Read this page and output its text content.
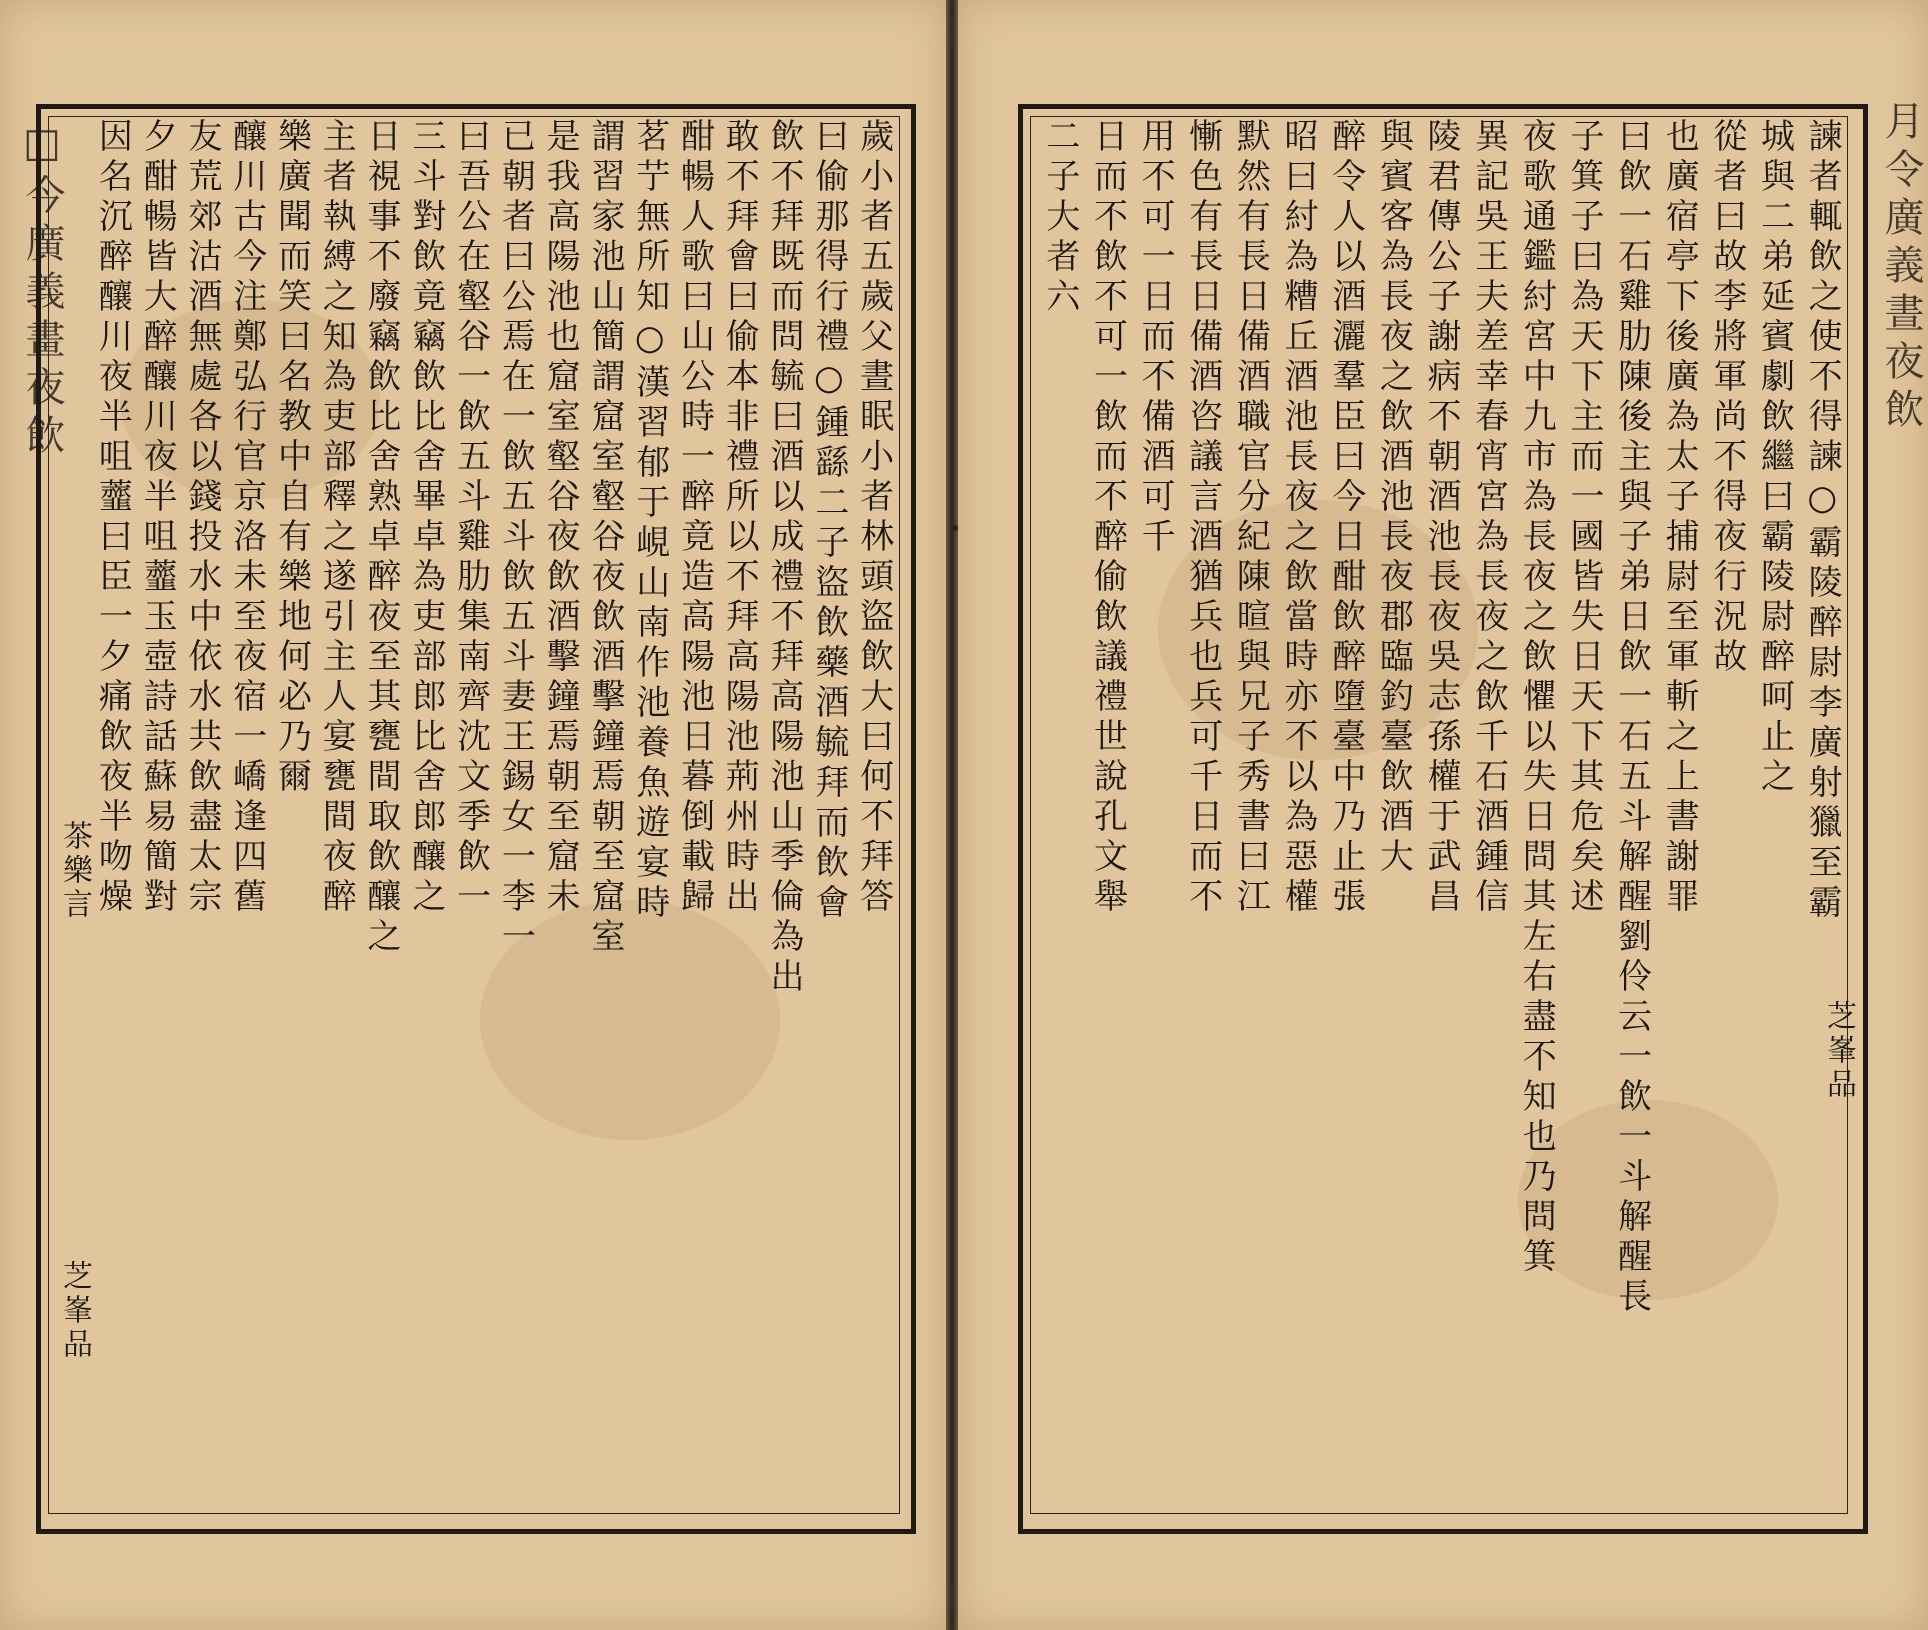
□今廣義畫夜飲
茶樂言
芝峯品
歲小者五歲父晝眠小者林頭盜飲大曰何不拜答
曰偷那得行禮○鍾繇二子盜飲藥酒毓拜而飲會
飲不拜既而問毓曰酒以成禮不拜高陽池山季倫為出
敢不拜會曰偷本非禮所以不拜高陽池荊州時出
酣暢人歌曰山公時一醉竟造高陽池日暮倒載歸
茗艼無所知○漢習郁于峴山南作池養魚遊宴時
謂習家池山簡謂窟室壑谷夜飲酒擊鐘焉朝至窟室
是我高陽池也窟室壑谷夜飲酒擊鐘焉朝至窟未
已朝者曰公焉在一飲五斗飲五斗妻王錫女一李一
曰吾公在壑谷一飲五斗雞肋集南齊沈文季飲一
三斗對飲竟竊飲比舍畢卓為吏部郎比舍郎釀之
日視事不廢竊飲比舍熟卓醉夜至其甕間取飲釀之
主者執縛之知為吏部釋之遂引主人宴甕間夜醉
樂廣聞而笑曰名教中自有樂地何必乃爾
釀川古今注鄭弘行官京洛未至夜宿一嶠逢四舊
友荒郊沽酒無處各以錢投水中依水共飲盡太宗
夕酣暢皆大醉釀川夜半咀虀玉壺詩話蘇易簡對
因名沉醉釀川夜半咀虀曰臣一夕痛飲夜半吻燥	月令廣義晝夜飲
芝峯品
諫者輒飲之使不得諫○霸陵醉尉李廣射獵至霸
城與二弟延賓劇飲繼曰霸陵尉醉呵止之
從者曰故李將軍尚不得夜行況故
也廣宿亭下後廣為太子捕尉至軍斬之上書謝罪
曰飲一石雞肋陳後主與子弟日飲一石五斗解醒劉伶云一飲一斗解醒長
子箕子曰為天下主而一國皆失日天下其危矣述
夜歌通鑑紂宮中九市為長夜之飲懼以失日問其左右盡不知也乃問箕
異記吳王夫差幸春宵宮為長夜之飲千石酒鍾信
陵君傳公子謝病不朝酒池長夜吳志孫權于武昌
與賓客為長夜之飲酒池長夜郡臨釣臺飲酒大
醉令人以酒灑羣臣曰今日酣飲醉墮臺中乃止張
昭曰紂為糟丘酒池長夜之飲當時亦不以為惡權
默然有長日備酒職官分紀陳暄與兄子秀書曰江
慚色有長日備酒咨議言酒猶兵也兵可千日而不
用不可一日而不備酒可千
日而不飲不可一飲而不醉偷飲議禮世說孔文舉
二子大者六
